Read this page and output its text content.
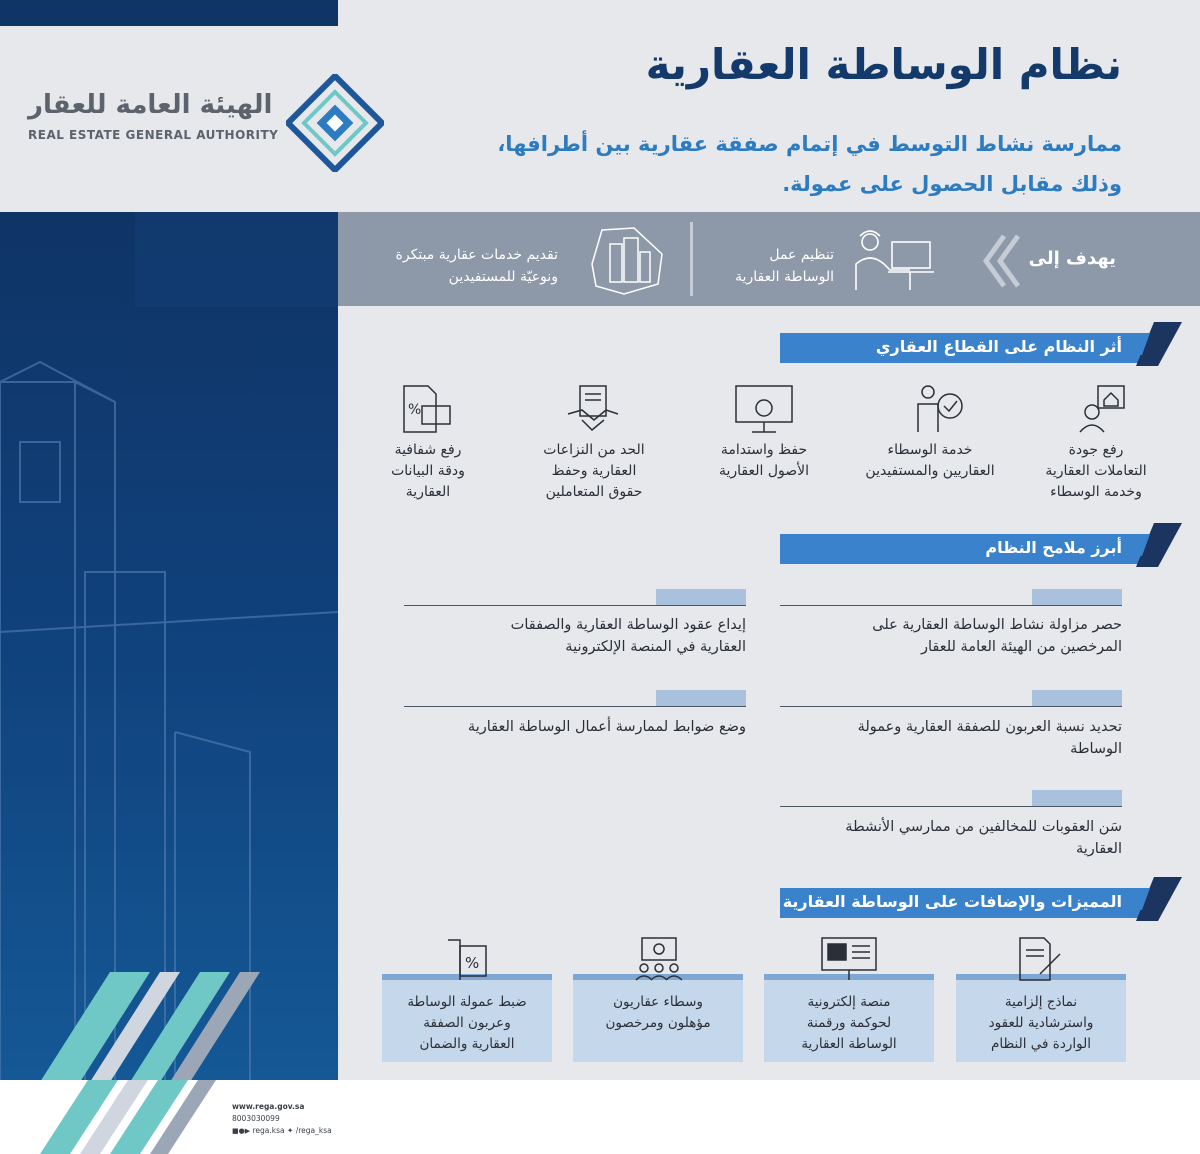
الهيئة العامة للعقار
REAL ESTATE GENERAL AUTHORITY
نظام الوساطة العقارية
ممارسة نشاط التوسط في إتمام صفقة عقارية بين أطرافها،
وذلك مقابل الحصول على عمولة.
يهدف إلى
تنظيم عمل
الوساطة العقارية
تقديم خدمات عقارية مبتكرة
ونوعيّة للمستفيدين
أثر النظام على القطاع العقاري
%
رفع جودة
التعاملات العقارية
وخدمة الوسطاء
خدمة الوسطاء
العقاريين والمستفيدين
حفظ واستدامة
الأصول العقارية
الحد من النزاعات
العقارية وحفظ
حقوق المتعاملين
رفع شفافية
ودقة البيانات
العقارية
أبرز ملامح النظام
حصر مزاولة نشاط الوساطة العقارية على
المرخصين من الهيئة العامة للعقار
تحديد نسبة العربون للصفقة العقارية وعمولة
الوساطة
سَن العقوبات للمخالفين من ممارسي الأنشطة
العقارية
إيداع عقود الوساطة العقارية والصفقات
العقارية في المنصة الإلكترونية
وضع ضوابط لممارسة أعمال الوساطة العقارية
المميزات والإضافات على الوساطة العقارية
%
نماذج إلزامية
واسترشادية للعقود
الواردة في النظام
منصة إلكترونية
لحوكمة ورقمنة
الوساطة العقارية
وسطاء عقاريون
مؤهلون ومرخصون
ضبط عمولة الوساطة
وعربون الصفقة
العقارية والضمان
www.rega.gov.sa
8003030099
■●▶ rega.ksa ✦ /rega_ksa
